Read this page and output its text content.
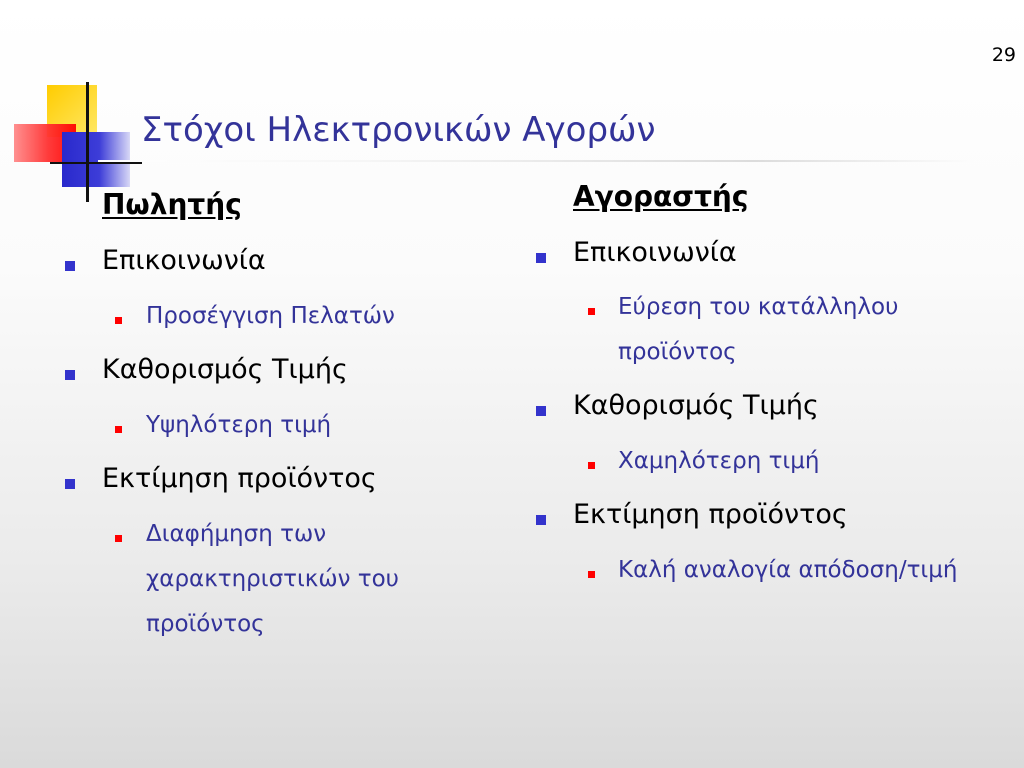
29
Στόχοι Ηλεκτρονικών Αγορών
Πωλητής
Επικοινωνία
Προσέγγιση Πελατών
Καθορισμός Τιμής
Υψηλότερη τιμή
Εκτίμηση προϊόντος
Διαφήμηση των χαρακτηριστικών του προϊόντος
Αγοραστής
Επικοινωνία
Εύρεση του κατάλληλου προϊόντος
Καθορισμός Τιμής
Χαμηλότερη τιμή
Εκτίμηση προϊόντος
Καλή αναλογία απόδοση/τιμή
